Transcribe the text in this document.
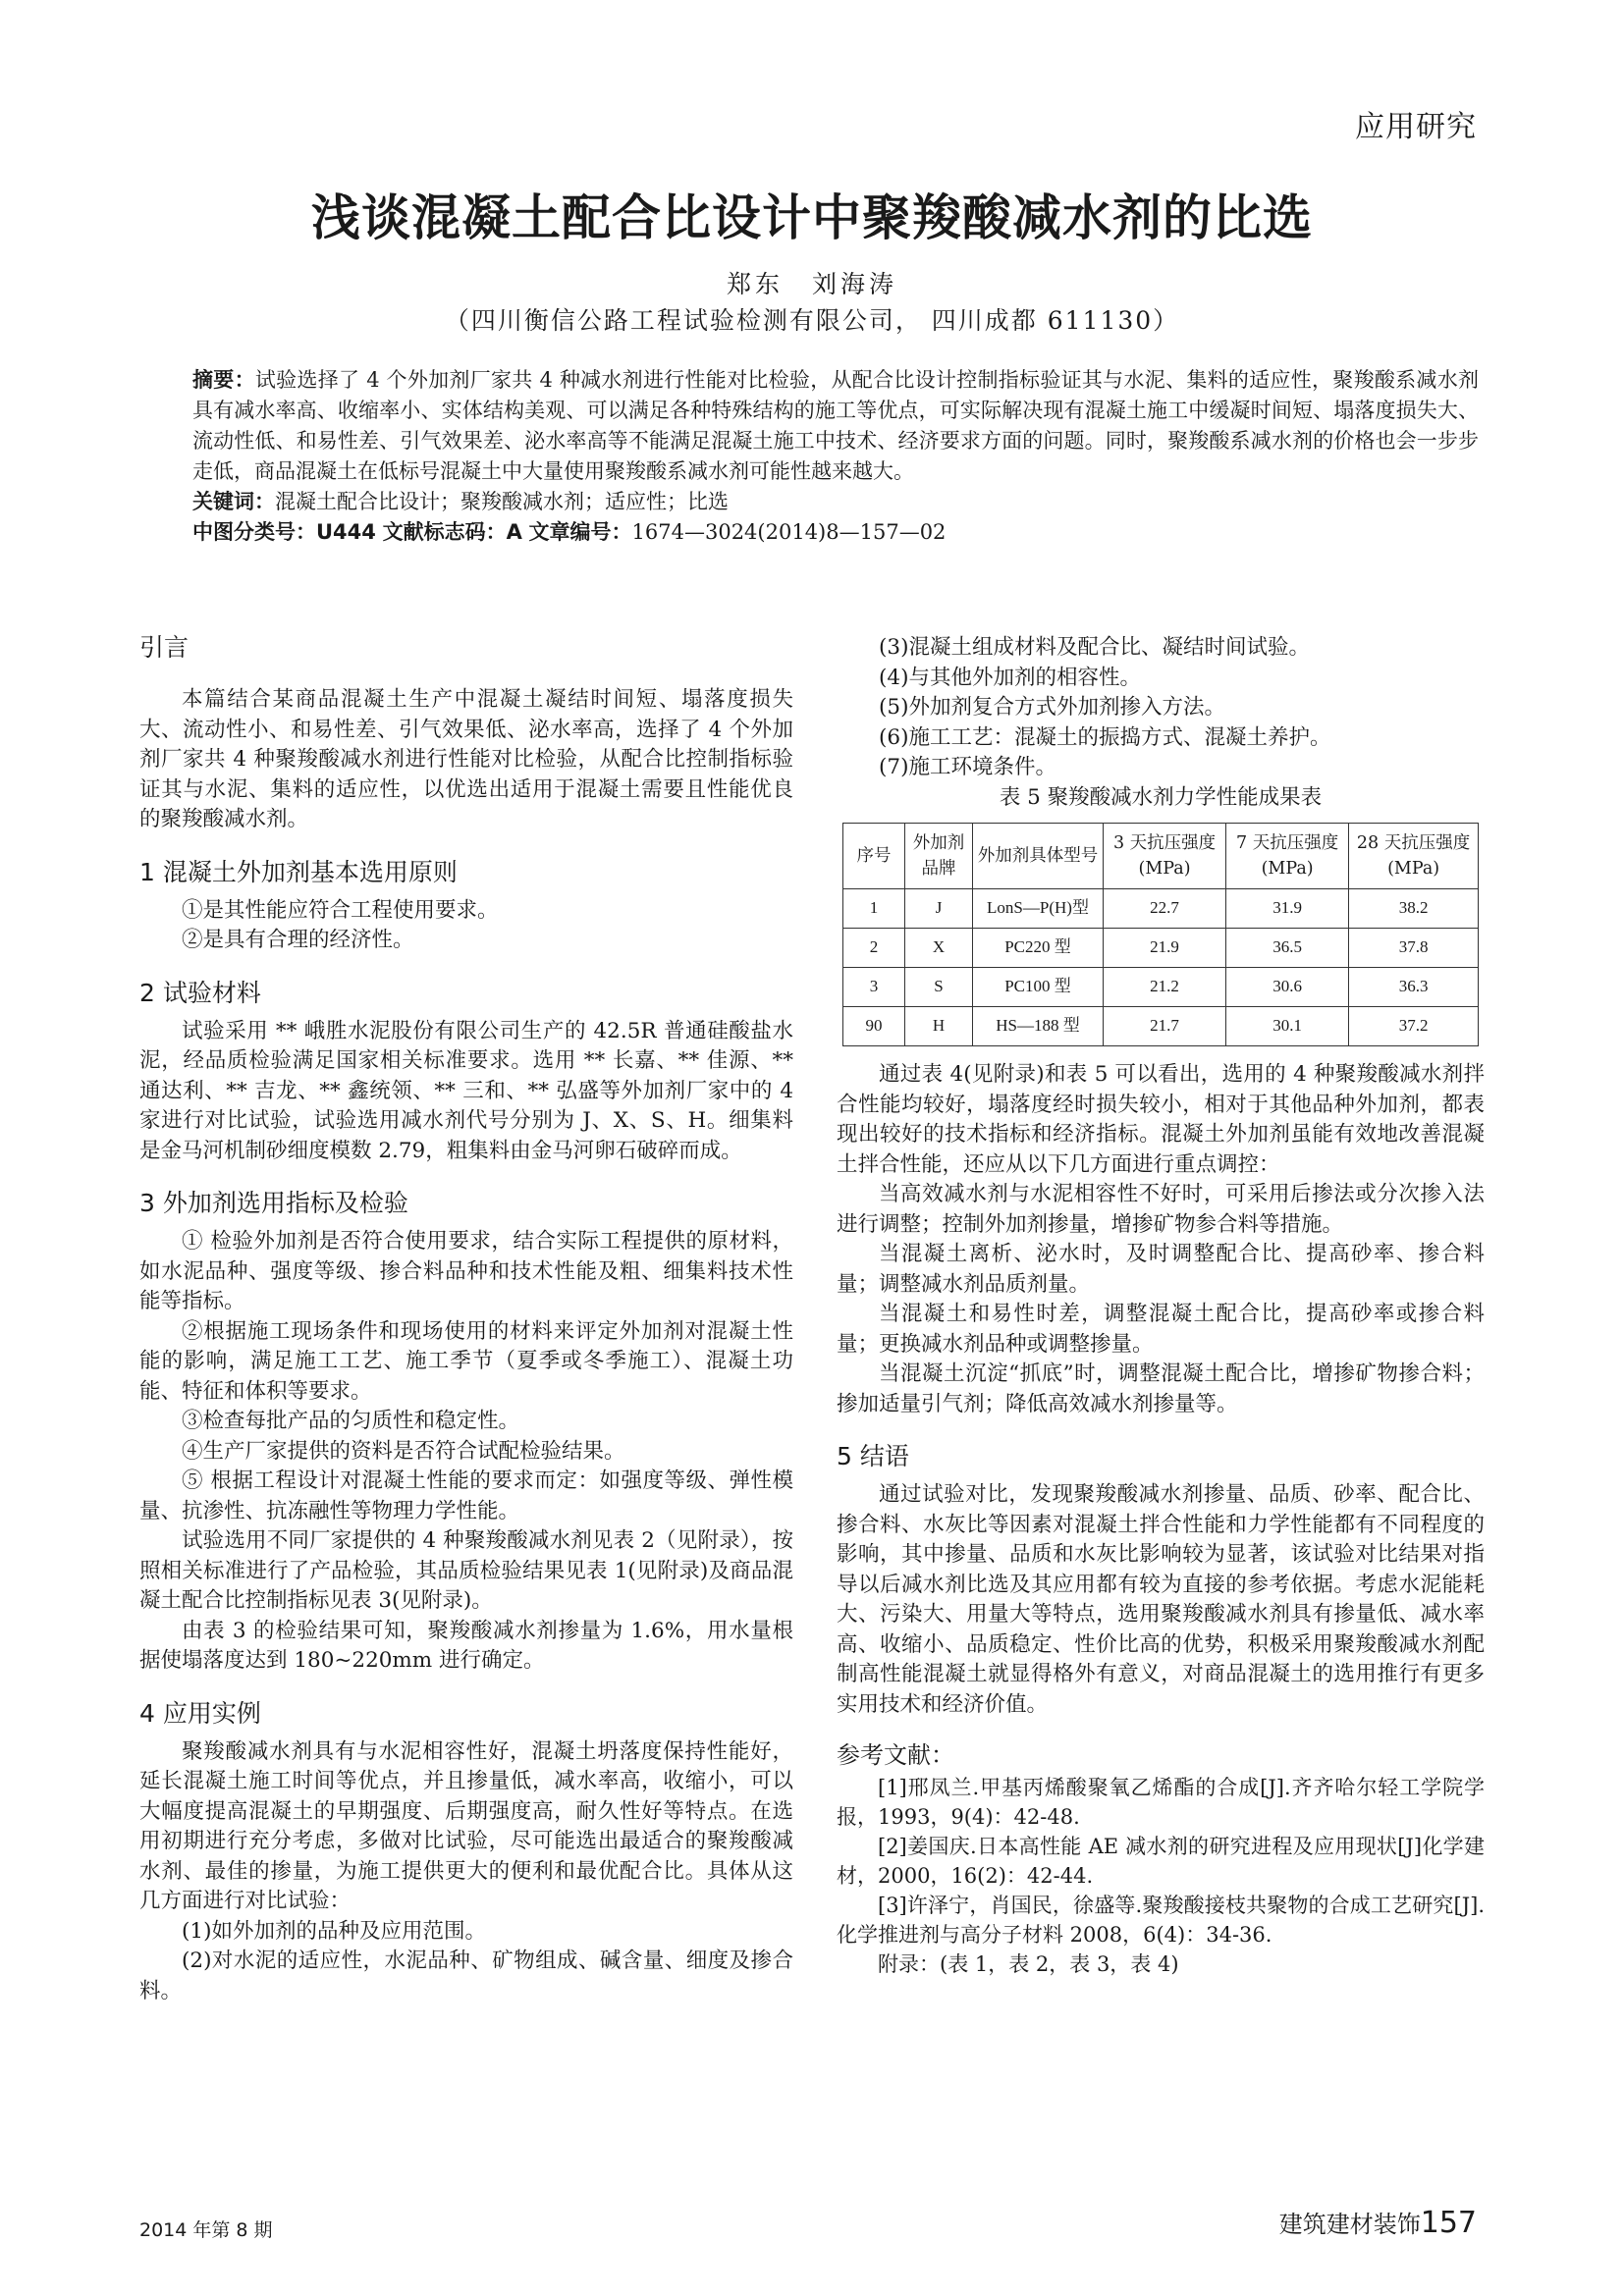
应用研究
浅谈混凝土配合比设计中聚羧酸减水剂的比选
郑东　刘海涛
（四川衡信公路工程试验检测有限公司， 四川成都 611130）

摘要：试验选择了 4 个外加剂厂家共 4 种减水剂进行性能对比检验，从配合比设计控制指标验证其与水泥、集料的适应性，聚羧酸系减水剂具有减水率高、收缩率小、实体结构美观、可以满足各种特殊结构的施工等优点，可实际解决现有混凝土施工中缓凝时间短、塌落度损失大、流动性低、和易性差、引气效果差、泌水率高等不能满足混凝土施工中技术、经济要求方面的问题。同时，聚羧酸系减水剂的价格也会一步步走低，商品混凝土在低标号混凝土中大量使用聚羧酸系减水剂可能性越来越大。

关键词：混凝土配合比设计；聚羧酸减水剂；适应性；比选

中图分类号：U444 文献标志码：A 文章编号：1674—3024(2014)8—157—02

引言

本篇结合某商品混凝土生产中混凝土凝结时间短、塌落度损失大、流动性小、和易性差、引气效果低、泌水率高，选择了 4 个外加剂厂家共 4 种聚羧酸减水剂进行性能对比检验，从配合比控制指标验证其与水泥、集料的适应性，以优选出适用于混凝土需要且性能优良的聚羧酸减水剂。

1 混凝土外加剂基本选用原则

①是其性能应符合工程使用要求。

②是具有合理的经济性。

2 试验材料

试验采用 ** 峨胜水泥股份有限公司生产的 42.5R 普通硅酸盐水泥，经品质检验满足国家相关标准要求。选用 ** 长嘉、** 佳源、** 通达利、** 吉龙、** 鑫统领、** 三和、** 弘盛等外加剂厂家中的 4 家进行对比试验，试验选用减水剂代号分别为 J、X、S、H。细集料是金马河机制砂细度模数 2.79，粗集料由金马河卵石破碎而成。

3 外加剂选用指标及检验

① 检验外加剂是否符合使用要求，结合实际工程提供的原材料，如水泥品种、强度等级、掺合料品种和技术性能及粗、细集料技术性能等指标。

②根据施工现场条件和现场使用的材料来评定外加剂对混凝土性能的影响，满足施工工艺、施工季节（夏季或冬季施工）、混凝土功能、特征和体积等要求。

③检查每批产品的匀质性和稳定性。

④生产厂家提供的资料是否符合试配检验结果。

⑤ 根据工程设计对混凝土性能的要求而定：如强度等级、弹性模量、抗渗性、抗冻融性等物理力学性能。

试验选用不同厂家提供的 4 种聚羧酸减水剂见表 2（见附录），按照相关标准进行了产品检验，其品质检验结果见表 1(见附录)及商品混凝土配合比控制指标见表 3(见附录)。

由表 3 的检验结果可知，聚羧酸减水剂掺量为 1.6%，用水量根据使塌落度达到 180~220mm 进行确定。

4 应用实例

聚羧酸减水剂具有与水泥相容性好，混凝土坍落度保持性能好，延长混凝土施工时间等优点，并且掺量低，减水率高，收缩小，可以大幅度提高混凝土的早期强度、后期强度高，耐久性好等特点。在选用初期进行充分考虑，多做对比试验，尽可能选出最适合的聚羧酸减水剂、最佳的掺量，为施工提供更大的便利和最优配合比。具体从这几方面进行对比试验：

(1)如外加剂的品种及应用范围。

(2)对水泥的适应性，水泥品种、矿物组成、碱含量、细度及掺合料。

(3)混凝土组成材料及配合比、凝结时间试验。

(4)与其他外加剂的相容性。

(5)外加剂复合方式外加剂掺入方法。

(6)施工工艺：混凝土的振捣方式、混凝土养护。

(7)施工环境条件。

表 5 聚羧酸减水剂力学性能成果表

序号	外加剂品牌	外加剂具体型号	3 天抗压强度(MPa)	7 天抗压强度(MPa)	28 天抗压强度(MPa)
1	J	LonS—P(H)型	22.7	31.9	38.2
2	X	PC220 型	21.9	36.5	37.8
3	S	PC100 型	21.2	30.6	36.3
90	H	HS—188 型	21.7	30.1	37.2

通过表 4(见附录)和表 5 可以看出，选用的 4 种聚羧酸减水剂拌合性能均较好，塌落度经时损失较小，相对于其他品种外加剂，都表现出较好的技术指标和经济指标。混凝土外加剂虽能有效地改善混凝土拌合性能，还应从以下几方面进行重点调控：

当高效减水剂与水泥相容性不好时，可采用后掺法或分次掺入法进行调整；控制外加剂掺量，增掺矿物参合料等措施。

当混凝土离析、泌水时，及时调整配合比、提高砂率、掺合料量；调整减水剂品质剂量。

当混凝土和易性时差，调整混凝土配合比，提高砂率或掺合料量；更换减水剂品种或调整掺量。

当混凝土沉淀“抓底”时，调整混凝土配合比，增掺矿物掺合料；掺加适量引气剂；降低高效减水剂掺量等。

5 结语

通过试验对比，发现聚羧酸减水剂掺量、品质、砂率、配合比、掺合料、水灰比等因素对混凝土拌合性能和力学性能都有不同程度的影响，其中掺量、品质和水灰比影响较为显著，该试验对比结果对指导以后减水剂比选及其应用都有较为直接的参考依据。考虑水泥能耗大、污染大、用量大等特点，选用聚羧酸减水剂具有掺量低、减水率高、收缩小、品质稳定、性价比高的优势，积极采用聚羧酸减水剂配制高性能混凝土就显得格外有意义，对商品混凝土的选用推行有更多实用技术和经济价值。

参考文献：

[1]邢凤兰.甲基丙烯酸聚氧乙烯酯的合成[J].齐齐哈尔轻工学院学报，1993，9(4)：42-48.

[2]姜国庆.日本高性能 AE 减水剂的研究进程及应用现状[J]化学建材，2000，16(2)：42-44.

[3]许泽宁，肖国民，徐盛等.聚羧酸接枝共聚物的合成工艺研究[J].化学推进剂与高分子材料 2008，6(4)：34-36.

附录：(表 1，表 2，表 3，表 4)

2014 年第 8 期	建筑建材装饰157
